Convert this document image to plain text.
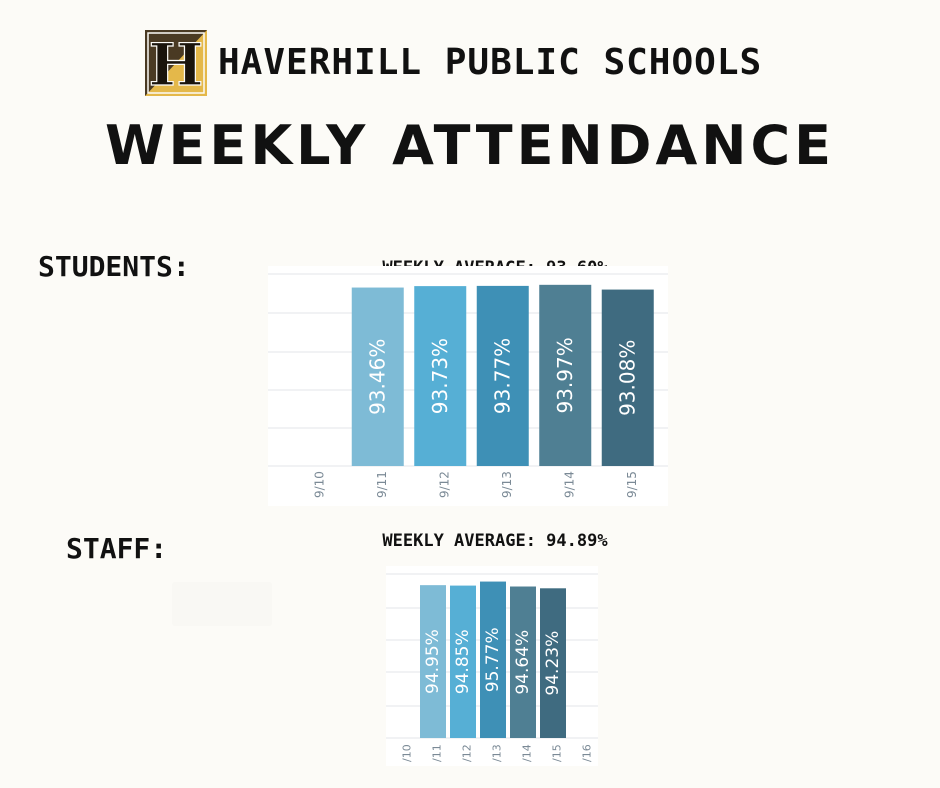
H HAVERHILL PUBLIC SCHOOLS
WEEKLY ATTENDANCE
STUDENTS:
9/10
93.46%
9/11
93.73%
9/12
93.77%
9/13
93.97%
9/14
93.08%
9/15
STAFF:	WEEKLY AVERAGE: 94.89%
/10
94.95%
/11
94.85%
/12
95.77%
/13
94.64%
/14
94.23%
/15 /16
